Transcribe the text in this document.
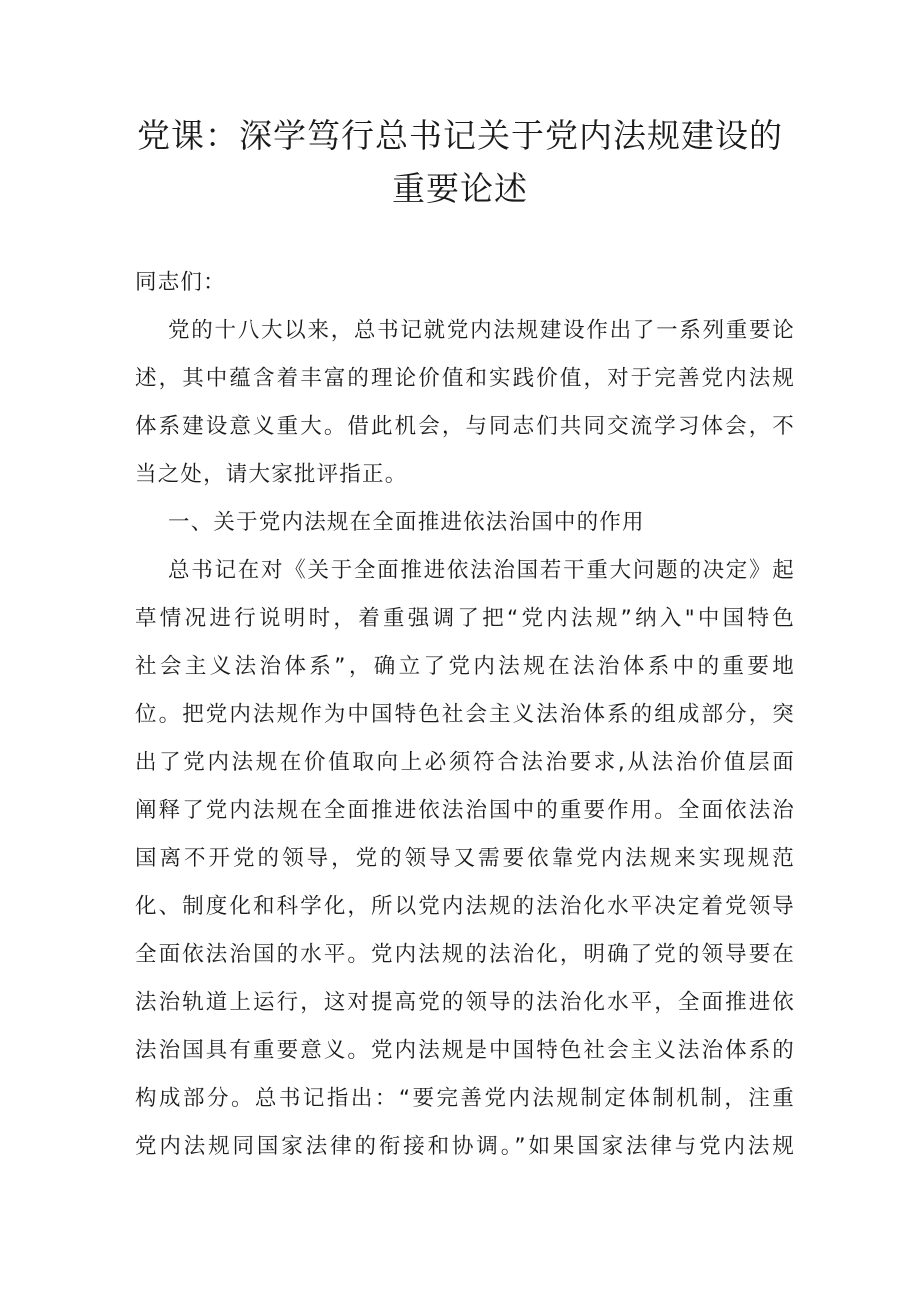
党课：深学笃行总书记关于党内法规建设的
重要论述
同志们：
党的十八大以来，总书记就党内法规建设作出了一系列重要论
述，其中蕴含着丰富的理论价值和实践价值，对于完善党内法规
体系建设意义重大。借此机会，与同志们共同交流学习体会，不
当之处，请大家批评指正。
一、关于党内法规在全面推进依法治国中的作用
总书记在对《关于全面推进依法治国若干重大问题的决定》起
草情况进行说明时，着重强调了把“党内法规”纳入"中国特色
社会主义法治体系”，确立了党内法规在法治体系中的重要地
位。把党内法规作为中国特色社会主义法治体系的组成部分，突
出了党内法规在价值取向上必须符合法治要求,从法治价值层面
阐释了党内法规在全面推进依法治国中的重要作用。全面依法治
国离不开党的领导，党的领导又需要依靠党内法规来实现规范
化、制度化和科学化，所以党内法规的法治化水平决定着党领导
全面依法治国的水平。党内法规的法治化，明确了党的领导要在
法治轨道上运行，这对提高党的领导的法治化水平，全面推进依
法治国具有重要意义。党内法规是中国特色社会主义法治体系的
构成部分。总书记指出：“要完善党内法规制定体制机制，注重
党内法规同国家法律的衔接和协调。”如果国家法律与党内法规
